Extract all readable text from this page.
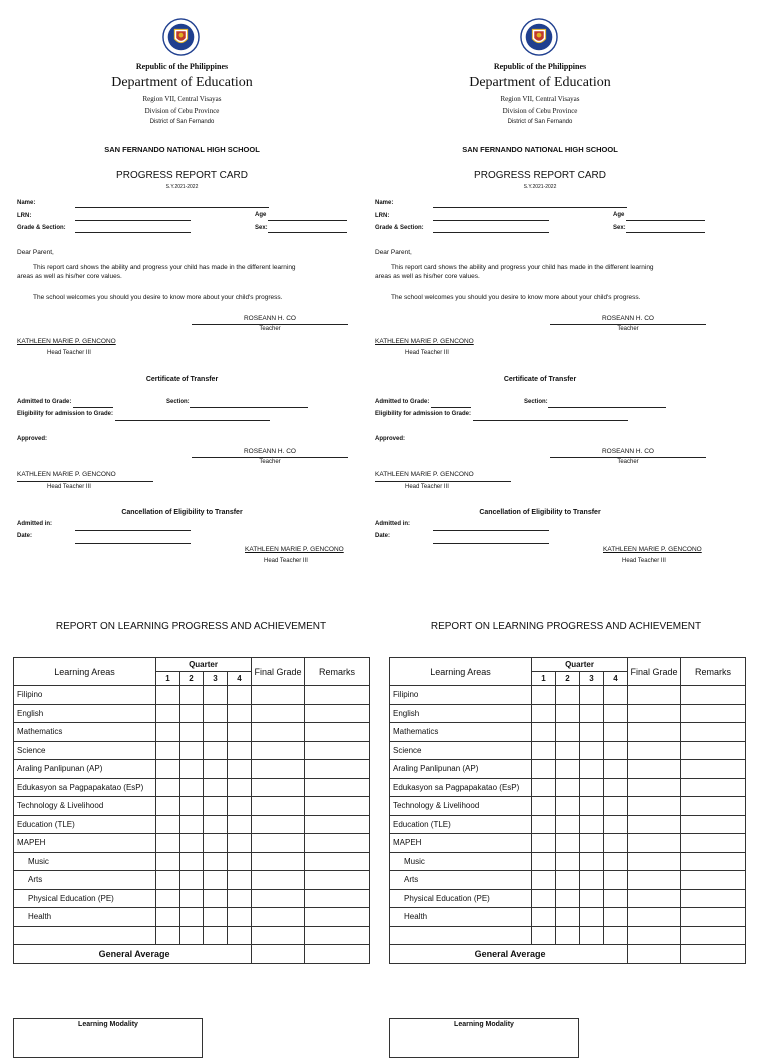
Republic of the Philippines
Department of Education
Region VII, Central Visayas
Division of Cebu Province
District of San Fernando
SAN FERNANDO NATIONAL HIGH SCHOOL
PROGRESS REPORT CARD
S.Y.2021-2022
Name:
LRN:	Age
Grade & Section:	Sex:
Dear Parent,
This report card shows the ability and progress your child has made in the different learning
areas as well as his/her core values.
The school welcomes you should you desire to know more about your child's progress.
ROSEANN H. CO
Teacher
KATHLEEN MARIE P. GENCONO
Head Teacher III
Certificate of Transfer
Admitted to Grade:	Section:
Eligibility for admission to Grade:
Approved:
ROSEANN H. CO
Teacher
KATHLEEN MARIE P. GENCONO
Head Teacher III
Cancellation of Eligibility to Transfer
Admitted in:
Date:
KATHLEEN MARIE P. GENCONO
Head Teacher III
Republic of the Philippines
Department of Education
Region VII, Central Visayas
Division of Cebu Province
District of San Fernando
SAN FERNANDO NATIONAL HIGH SCHOOL
PROGRESS REPORT CARD
S.Y.2021-2022
Name:
LRN:	Age
Grade & Section:	Sex:
Dear Parent,
This report card shows the ability and progress your child has made in the different learning
areas as well as his/her core values.
The school welcomes you should you desire to know more about your child's progress.
ROSEANN H. CO
Teacher
KATHLEEN MARIE P. GENCONO
Head Teacher III
Certificate of Transfer
Admitted to Grade:	Section:
Eligibility for admission to Grade:
Approved:
ROSEANN H. CO
Teacher
KATHLEEN MARIE P. GENCONO
Head Teacher III
Cancellation of Eligibility to Transfer
Admitted in:
Date:
KATHLEEN MARIE P. GENCONO
Head Teacher III
REPORT ON LEARNING PROGRESS AND ACHIEVEMENT	REPORT ON LEARNING PROGRESS AND ACHIEVEMENT
Learning Areas	Quarter				Final Grade	Remarks
	1	2	3	4		
Filipino						
English						
Mathematics						
Science						
Araling Panlipunan (AP)						
Edukasyon sa Pagpapakatao (EsP)						
Technology & Livelihood						
Education (TLE)						
MAPEH						
Music						
Arts						
Physical Education (PE)						
Health						

General Average						
Learning Areas	Quarter				Final Grade	Remarks
	1	2	3	4		
Filipino						
English						
Mathematics						
Science						
Araling Panlipunan (AP)						
Edukasyon sa Pagpapakatao (EsP)						
Technology & Livelihood						
Education (TLE)						
MAPEH						
Music						
Arts						
Physical Education (PE)						
Health						

General Average						
Learning Modality	Learning Modality
